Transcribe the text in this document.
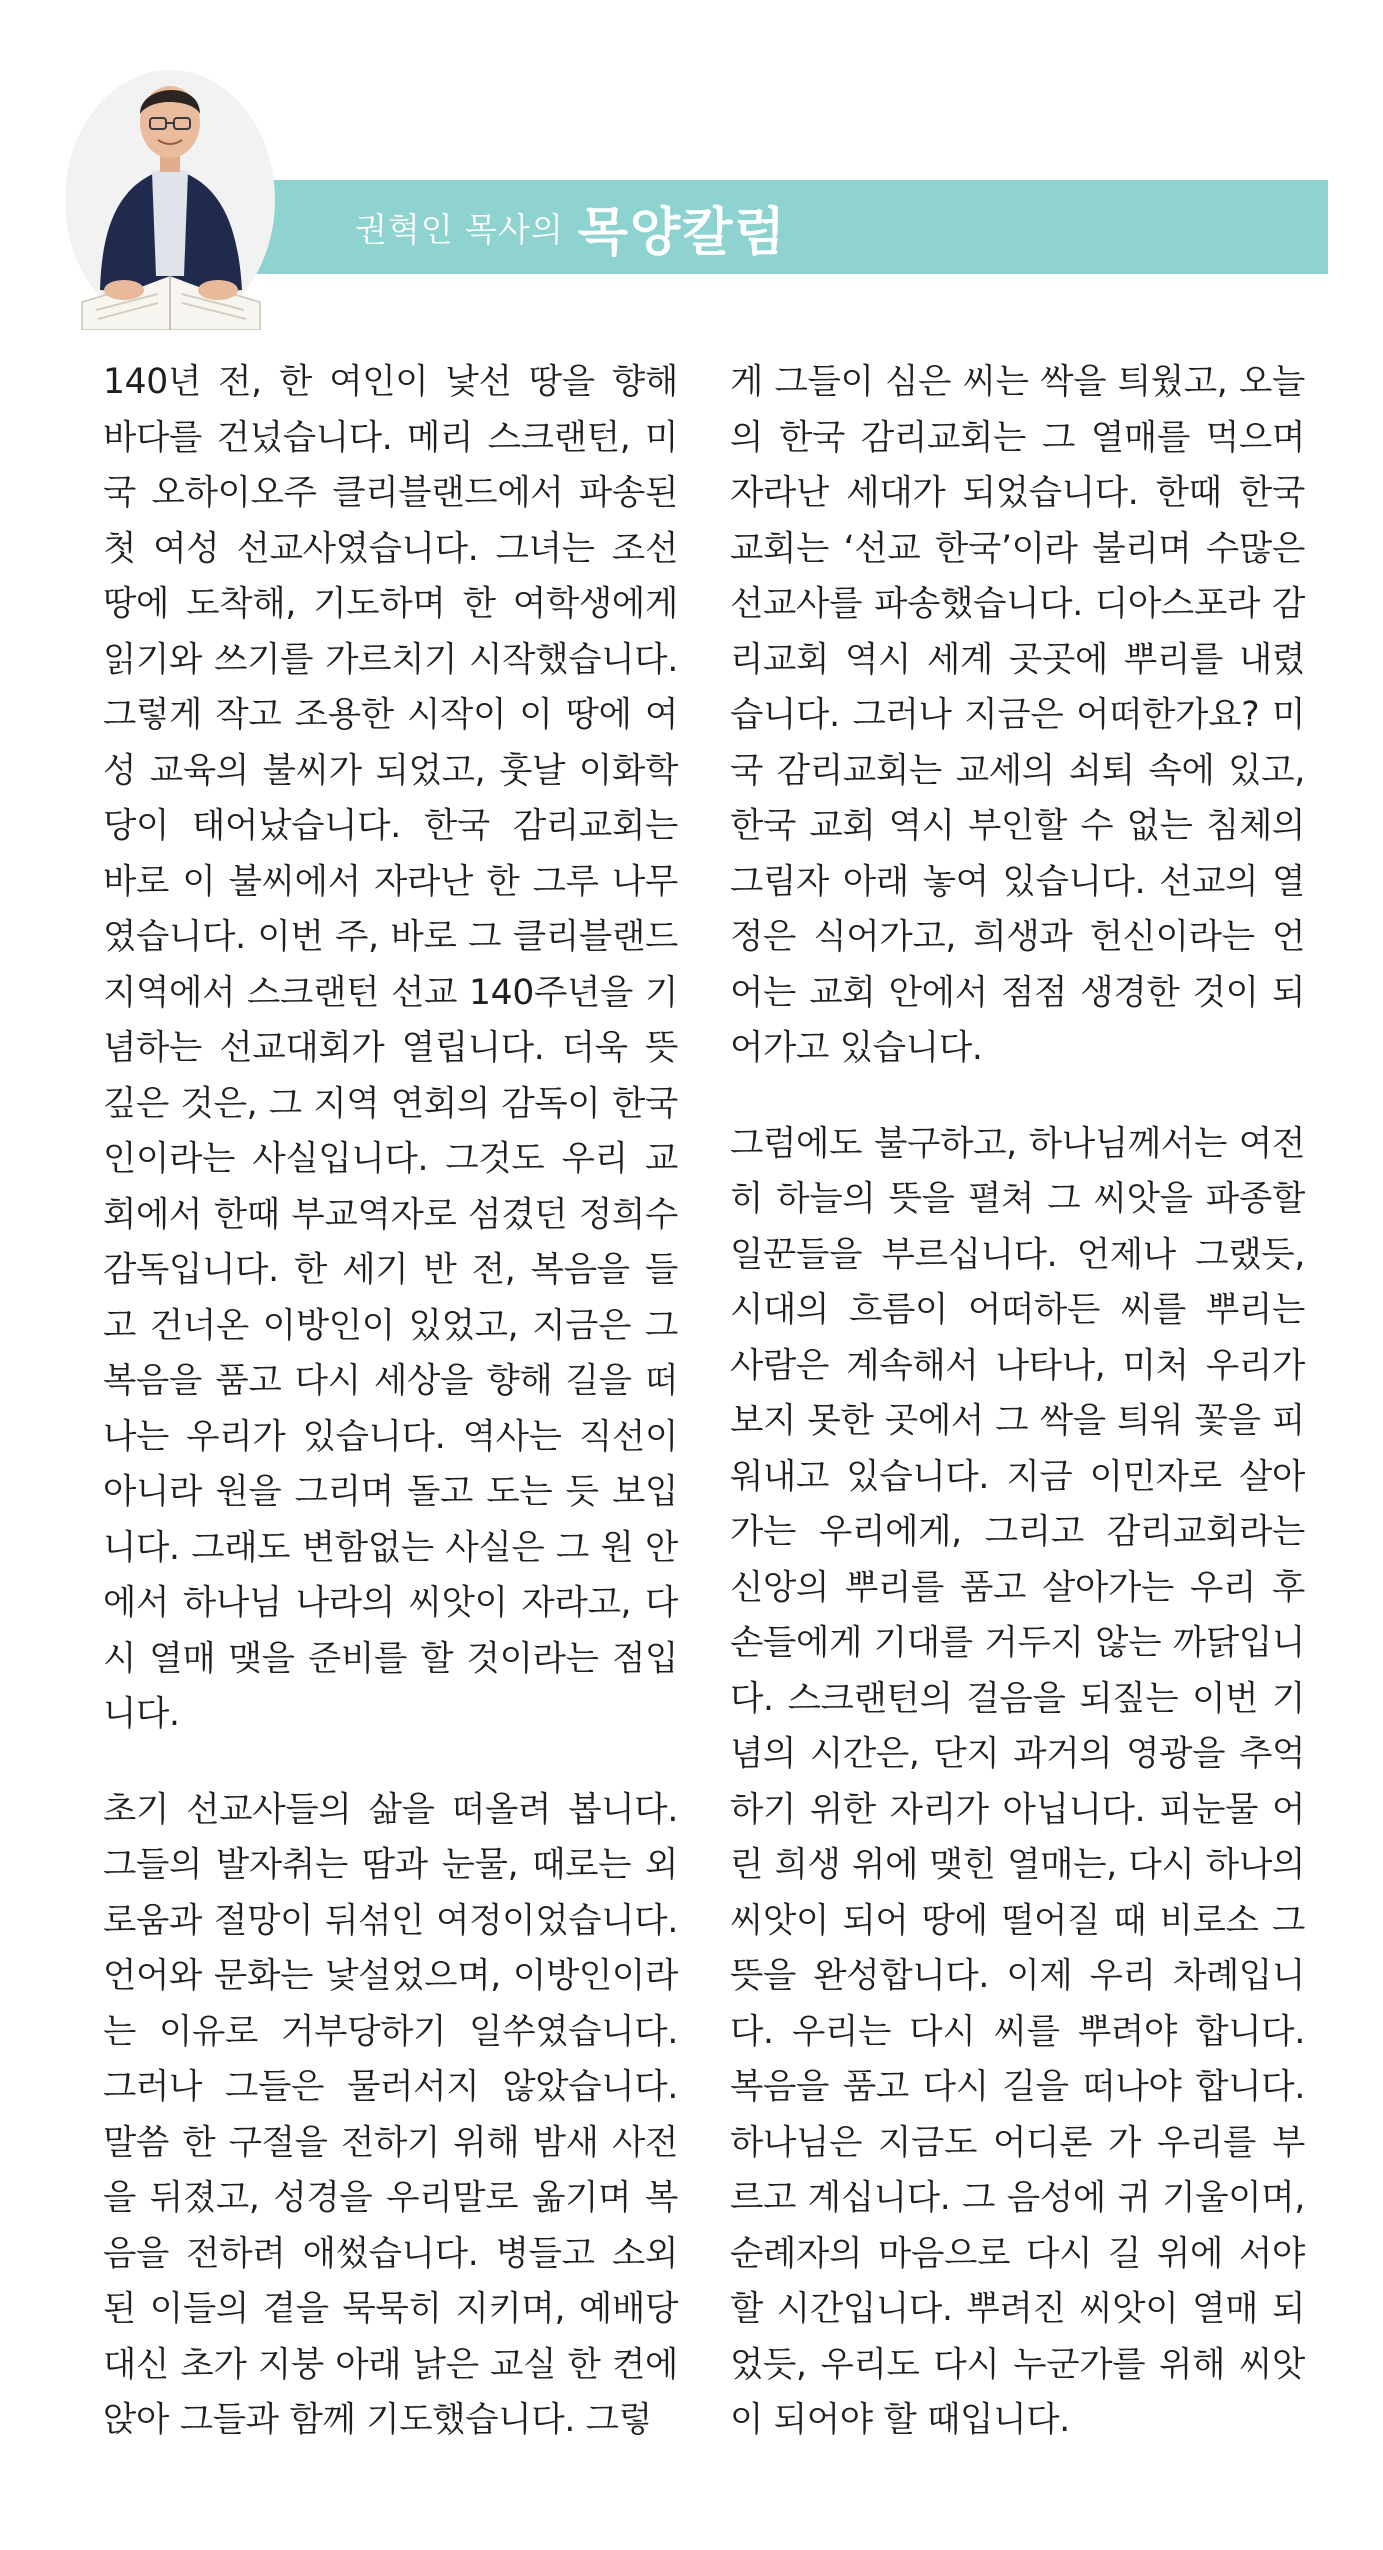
권혁인 목사의 목양칼럼

140년 전, 한 여인이 낯선 땅을 향해 바다를 건넜습니다. 메리 스크랜턴, 미국 오하이오주 클리블랜드에서 파송된 첫 여성 선교사였습니다. 그녀는 조선 땅에 도착해, 기도하며 한 여학생에게 읽기와 쓰기를 가르치기 시작했습니다. 그렇게 작고 조용한 시작이 이 땅에 여성 교육의 불씨가 되었고, 훗날 이화학당이 태어났습니다. 한국 감리교회는 바로 이 불씨에서 자라난 한 그루 나무였습니다. 이번 주, 바로 그 클리블랜드 지역에서 스크랜턴 선교 140주년을 기념하는 선교대회가 열립니다. 더욱 뜻깊은 것은, 그 지역 연회의 감독이 한국인이라는 사실입니다. 그것도 우리 교회에서 한때 부교역자로 섬겼던 정희수 감독입니다. 한 세기 반 전, 복음을 들고 건너온 이방인이 있었고, 지금은 그 복음을 품고 다시 세상을 향해 길을 떠나는 우리가 있습니다. 역사는 직선이 아니라 원을 그리며 돌고 도는 듯 보입니다. 그래도 변함없는 사실은 그 원 안에서 하나님 나라의 씨앗이 자라고, 다시 열매 맺을 준비를 할 것이라는 점입니다.

초기 선교사들의 삶을 떠올려 봅니다. 그들의 발자취는 땀과 눈물, 때로는 외로움과 절망이 뒤섞인 여정이었습니다. 언어와 문화는 낯설었으며, 이방인이라는 이유로 거부당하기 일쑤였습니다. 그러나 그들은 물러서지 않았습니다. 말씀 한 구절을 전하기 위해 밤새 사전을 뒤졌고, 성경을 우리말로 옮기며 복음을 전하려 애썼습니다. 병들고 소외된 이들의 곁을 묵묵히 지키며, 예배당 대신 초가 지붕 아래 낡은 교실 한 켠에 앉아 그들과 함께 기도했습니다. 그렇

게 그들이 심은 씨는 싹을 틔웠고, 오늘의 한국 감리교회는 그 열매를 먹으며 자라난 세대가 되었습니다. 한때 한국 교회는 ‘선교 한국’이라 불리며 수많은 선교사를 파송했습니다. 디아스포라 감리교회 역시 세계 곳곳에 뿌리를 내렸습니다. 그러나 지금은 어떠한가요? 미국 감리교회는 교세의 쇠퇴 속에 있고, 한국 교회 역시 부인할 수 없는 침체의 그림자 아래 놓여 있습니다. 선교의 열정은 식어가고, 희생과 헌신이라는 언어는 교회 안에서 점점 생경한 것이 되어가고 있습니다.

그럼에도 불구하고, 하나님께서는 여전히 하늘의 뜻을 펼쳐 그 씨앗을 파종할 일꾼들을 부르십니다. 언제나 그랬듯, 시대의 흐름이 어떠하든 씨를 뿌리는 사람은 계속해서 나타나, 미처 우리가 보지 못한 곳에서 그 싹을 틔워 꽃을 피워내고 있습니다. 지금 이민자로 살아가는 우리에게, 그리고 감리교회라는 신앙의 뿌리를 품고 살아가는 우리 후손들에게 기대를 거두지 않는 까닭입니다. 스크랜턴의 걸음을 되짚는 이번 기념의 시간은, 단지 과거의 영광을 추억하기 위한 자리가 아닙니다. 피눈물 어린 희생 위에 맺힌 열매는, 다시 하나의 씨앗이 되어 땅에 떨어질 때 비로소 그 뜻을 완성합니다. 이제 우리 차례입니다. 우리는 다시 씨를 뿌려야 합니다. 복음을 품고 다시 길을 떠나야 합니다. 하나님은 지금도 어디론 가 우리를 부르고 계십니다. 그 음성에 귀 기울이며, 순례자의 마음으로 다시 길 위에 서야 할 시간입니다. 뿌려진 씨앗이 열매 되었듯, 우리도 다시 누군가를 위해 씨앗이 되어야 할 때입니다.
